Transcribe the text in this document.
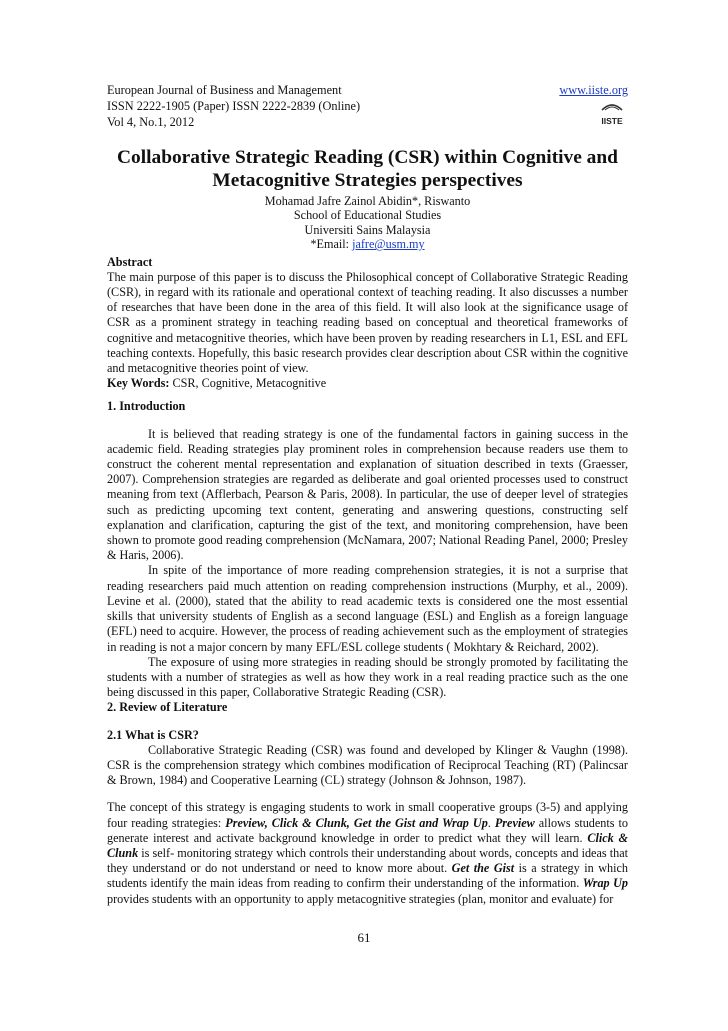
European Journal of Business and Management
ISSN 2222-1905 (Paper) ISSN 2222-2839 (Online)
Vol 4, No.1, 2012
www.iiste.org
IISTE
Collaborative Strategic Reading (CSR) within Cognitive and
Metacognitive Strategies perspectives
Mohamad Jafre Zainol Abidin*, Riswanto
School of Educational Studies
Universiti Sains Malaysia
*Email: jafre@usm.my
Abstract

The main purpose of this paper is to discuss the Philosophical concept of Collaborative Strategic Reading (CSR), in regard with its rationale and operational context of teaching reading. It also discusses a number of researches that have been done in the area of this field. It will also look at the significance usage of CSR as a prominent strategy in teaching reading based on conceptual and theoretical frameworks of cognitive and metacognitive theories, which have been proven by reading researchers in L1, ESL and EFL teaching contexts. Hopefully, this basic research provides clear description about CSR within the cognitive and metacognitive theories point of view.

Key Words: CSR, Cognitive, Metacognitive

1. Introduction

It is believed that reading strategy is one of the fundamental factors in gaining success in the academic field. Reading strategies play prominent roles in comprehension because readers use them to construct the coherent mental representation and explanation of situation described in texts (Graesser, 2007). Comprehension strategies are regarded as deliberate and goal oriented processes used to construct meaning from text (Afflerbach, Pearson & Paris, 2008). In particular, the use of deeper level of strategies such as predicting upcoming text content, generating and answering questions, constructing self explanation and clarification, capturing the gist of the text, and monitoring comprehension, have been shown to promote good reading comprehension (McNamara, 2007; National Reading Panel, 2000; Presley & Haris, 2006).

In spite of the importance of more reading comprehension strategies, it is not a surprise that reading researchers paid much attention on reading comprehension instructions (Murphy, et al., 2009). Levine et al. (2000), stated that the ability to read academic texts is considered one the most essential skills that university students of English as a second language (ESL) and English as a foreign language (EFL) need to acquire. However, the process of reading achievement such as the employment of strategies in reading is not a major concern by many EFL/ESL college students ( Mokhtary & Reichard, 2002).

The exposure of using more strategies in reading should be strongly promoted by facilitating the students with a number of strategies as well as how they work in a real reading practice such as the one being discussed in this paper, Collaborative Strategic Reading (CSR).

2. Review of Literature
2.1 What is CSR?

Collaborative Strategic Reading (CSR) was found and developed by Klinger & Vaughn (1998). CSR is the comprehension strategy which combines modification of Reciprocal Teaching (RT) (Palincsar & Brown, 1984) and Cooperative Learning (CL) strategy (Johnson & Johnson, 1987).

The concept of this strategy is engaging students to work in small cooperative groups (3-5) and applying four reading strategies: Preview, Click & Clunk, Get the Gist and Wrap Up. Preview allows students to generate interest and activate background knowledge in order to predict what they will learn. Click & Clunk is self- monitoring strategy which controls their understanding about words, concepts and ideas that they understand or do not understand or need to know more about. Get the Gist is a strategy in which students identify the main ideas from reading to confirm their understanding of the information. Wrap Up provides students with an opportunity to apply metacognitive strategies (plan, monitor and evaluate) for

61
